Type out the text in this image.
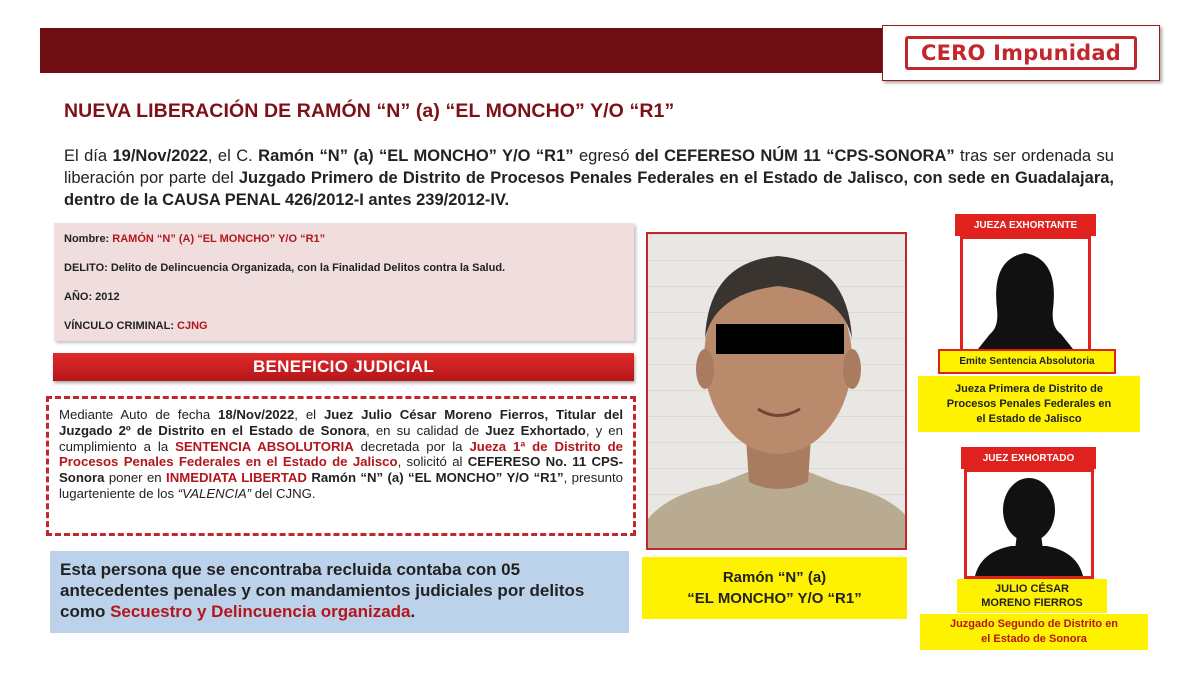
CERO Impunidad
NUEVA LIBERACIÓN DE RAMÓN “N” (a) “EL MONCHO” Y/O “R1”

El día 19/Nov/2022, el C. Ramón “N” (a) “EL MONCHO” Y/O “R1” egresó del CEFERESO NÚM 11 “CPS-SONORA” tras ser ordenada su liberación por parte del Juzgado Primero de Distrito de Procesos Penales Federales en el Estado de Jalisco, con sede en Guadalajara, dentro de la CAUSA PENAL 426/2012-I antes 239/2012-IV.

Nombre: RAMÓN “N” (A) “EL MONCHO” Y/O “R1”
DELITO: Delito de Delincuencia Organizada, con la Finalidad Delitos contra la Salud.
AÑO: 2012
VÍNCULO CRIMINAL: CJNG
BENEFICIO JUDICIAL

Mediante Auto de fecha 18/Nov/2022, el Juez Julio César Moreno Fierros, Titular del Juzgado 2º de Distrito en el Estado de Sonora, en su calidad de Juez Exhortado, y en cumplimiento a la SENTENCIA ABSOLUTORIA decretada por la Jueza 1ª de Distrito de Procesos Penales Federales en el Estado de Jalisco, solicitó al CEFERESO No. 11 CPS-Sonora poner en INMEDIATA LIBERTAD Ramón “N” (a) “EL MONCHO” Y/O “R1”, presunto lugarteniente de los “VALENCIA” del CJNG.

Esta persona que se encontraba recluida contaba con 05 antecedentes penales y con mandamientos judiciales por delitos como Secuestro y Delincuencia organizada.

Ramón “N” (a)
“EL MONCHO” Y/O “R1”
JUEZA EXHORTANTE
Emite Sentencia Absolutoria
Jueza Primera de Distrito de
Procesos Penales Federales en
el Estado de Jalisco
JUEZ EXHORTADO
JULIO CÉSAR
MORENO FIERROS
Juzgado Segundo de Distrito en
el Estado de Sonora
